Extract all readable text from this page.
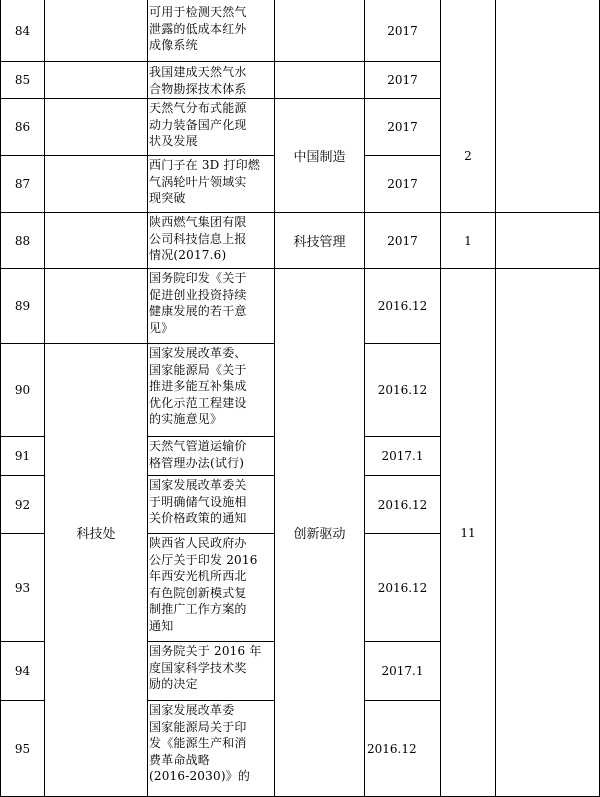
84
85
86
87
88
89
90
91
92
93
94
95
科技处
可用于检测天然气
泄露的低成本红外
成像系统
我国建成天然气水
合物勘探技术体系
天然气分布式能源
动力装备国产化现
状及发展
西门子在 3D 打印燃
气涡轮叶片领域实
现突破
陕西燃气集团有限
公司科技信息上报
情况(2017.6)
国务院印发《关于
促进创业投资持续
健康发展的若干意
见》
国家发展改革委、
国家能源局《关于
推进多能互补集成
优化示范工程建设
的实施意见》
天然气管道运输价
格管理办法(试行)
国家发展改革委关
于明确储气设施相
关价格政策的通知
陕西省人民政府办
公厅关于印发 2016
年西安光机所西北
有色院创新模式复
制推广工作方案的
通知
国务院关于 2016 年
度国家科学技术奖
励的决定
国家发展改革委
国家能源局关于印
发《能源生产和消
费革命战略
(2016-2030)》的
中国制造
科技管理
创新驱动
2017
2017
2017
2017
2017
2016.12
2016.12
2017.1
2016.12
2016.12
2017.1
2016.12
2
1
11
